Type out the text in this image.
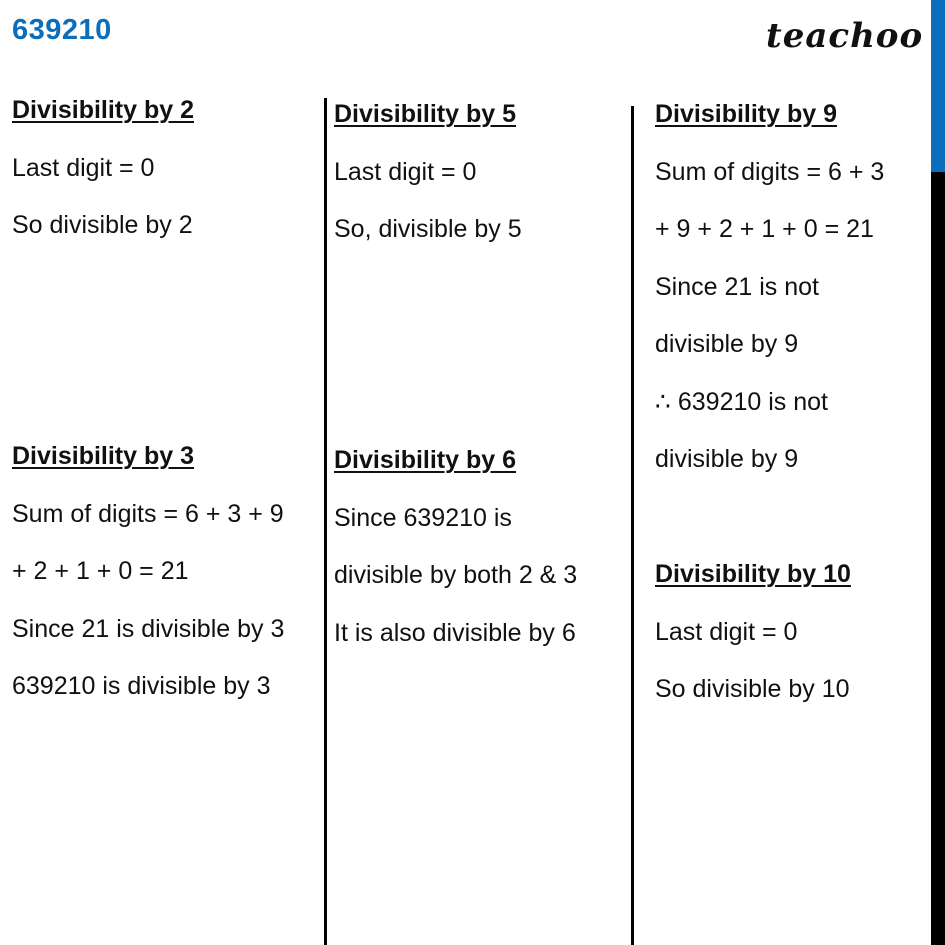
639210	teachoo
Divisibility by 2
Last digit = 0
So divisible by 2
Divisibility by 3
Sum of digits = 6 + 3 + 9
+ 2 + 1 + 0 = 21
Since 21 is divisible by 3
639210 is divisible by 3
Divisibility by 5
Last digit = 0
So, divisible by 5
Divisibility by 6
Since 639210 is
divisible by both 2 & 3
It is also divisible by 6
Divisibility by 9
Sum of digits = 6 + 3
+ 9 + 2 + 1 + 0 = 21
Since 21 is not
divisible by 9
∴ 639210 is not
divisible by 9
Divisibility by 10
Last digit = 0
So divisible by 10
